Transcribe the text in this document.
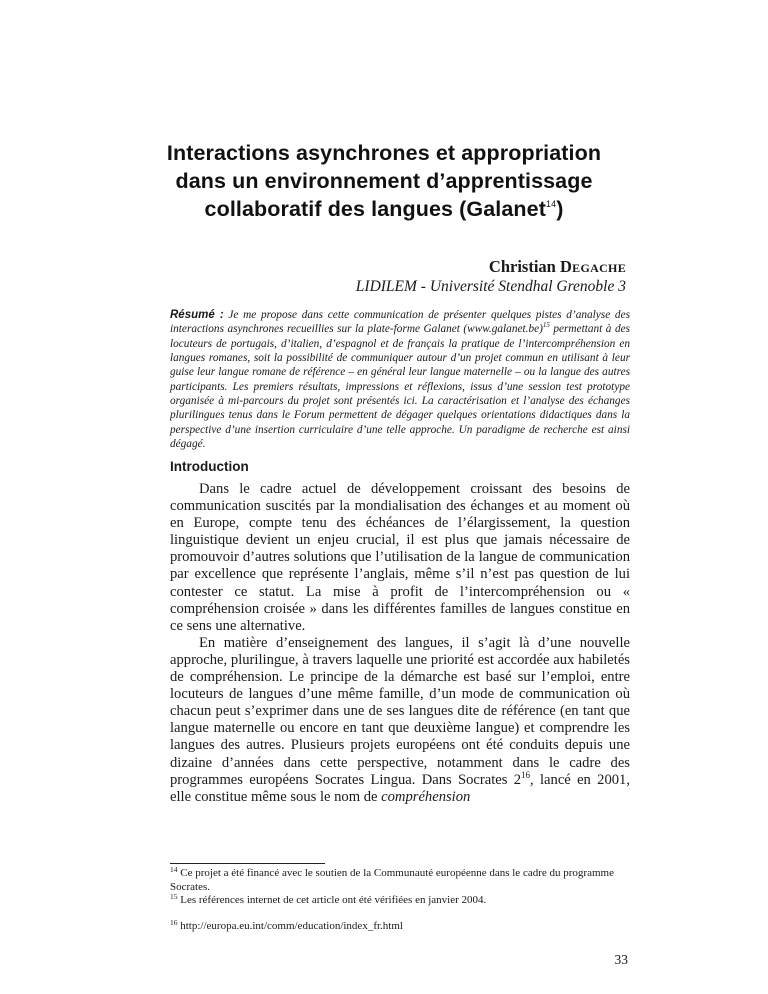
Interactions asynchrones et appropriation
dans un environnement d’apprentissage
collaboratif des langues (Galanet$^{14}$)
Christian Degache
LIDILEM - Université Stendhal Grenoble 3
Résumé : Je me propose dans cette communication de présenter quelques pistes d’analyse des interactions asynchrones recueillies sur la plate-forme Galanet (www.galanet.be)$^{15}$ permettant à des locuteurs de portugais, d’italien, d’espagnol et de français la pratique de l’intercompréhension en langues romanes, soit la possibilité de communiquer autour d’un projet commun en utilisant à leur guise leur langue romane de référence – en général leur langue maternelle – ou la langue des autres participants. Les premiers résultats, impressions et réflexions, issus d’une session test prototype organisée à mi-parcours du projet sont présentés ici. La caractérisation et l’analyse des échanges plurilingues tenus dans le Forum permettent de dégager quelques orientations didactiques dans la perspective d’une insertion curriculaire d’une telle approche. Un paradigme de recherche est ainsi dégagé.
Introduction

Dans le cadre actuel de développement croissant des besoins de communication suscités par la mondialisation des échanges et au moment où en Europe, compte tenu des échéances de l’élargissement, la question linguistique devient un enjeu crucial, il est plus que jamais nécessaire de promouvoir d’autres solutions que l’utilisation de la langue de communication par excellence que représente l’anglais, même s’il n’est pas question de lui contester ce statut. La mise à profit de l’intercompréhension ou « compréhension croisée » dans les différentes familles de langues constitue en ce sens une alternative.

En matière d’enseignement des langues, il s’agit là d’une nouvelle approche, plurilingue, à travers laquelle une priorité est accordée aux habiletés de compréhension. Le principe de la démarche est basé sur l’emploi, entre locuteurs de langues d’une même famille, d’un mode de communication où chacun peut s’exprimer dans une de ses langues dite de référence (en tant que langue maternelle ou encore en tant que deuxième langue) et comprendre les langues des autres. Plusieurs projets européens ont été conduits depuis une dizaine d’années dans cette perspective, notamment dans le cadre des programmes européens Socrates Lingua. Dans Socrates $2^{16}$, lancé en 2001, elle constitue même sous le nom de compréhension

$^{14}$ Ce projet a été financé avec le soutien de la Communauté européenne dans le cadre du programme Socrates.

$^{15}$ Les références internet de cet article ont été vérifiées en janvier 2004.

$^{16}$ http://europa.eu.int/comm/education/index_fr.html

33
